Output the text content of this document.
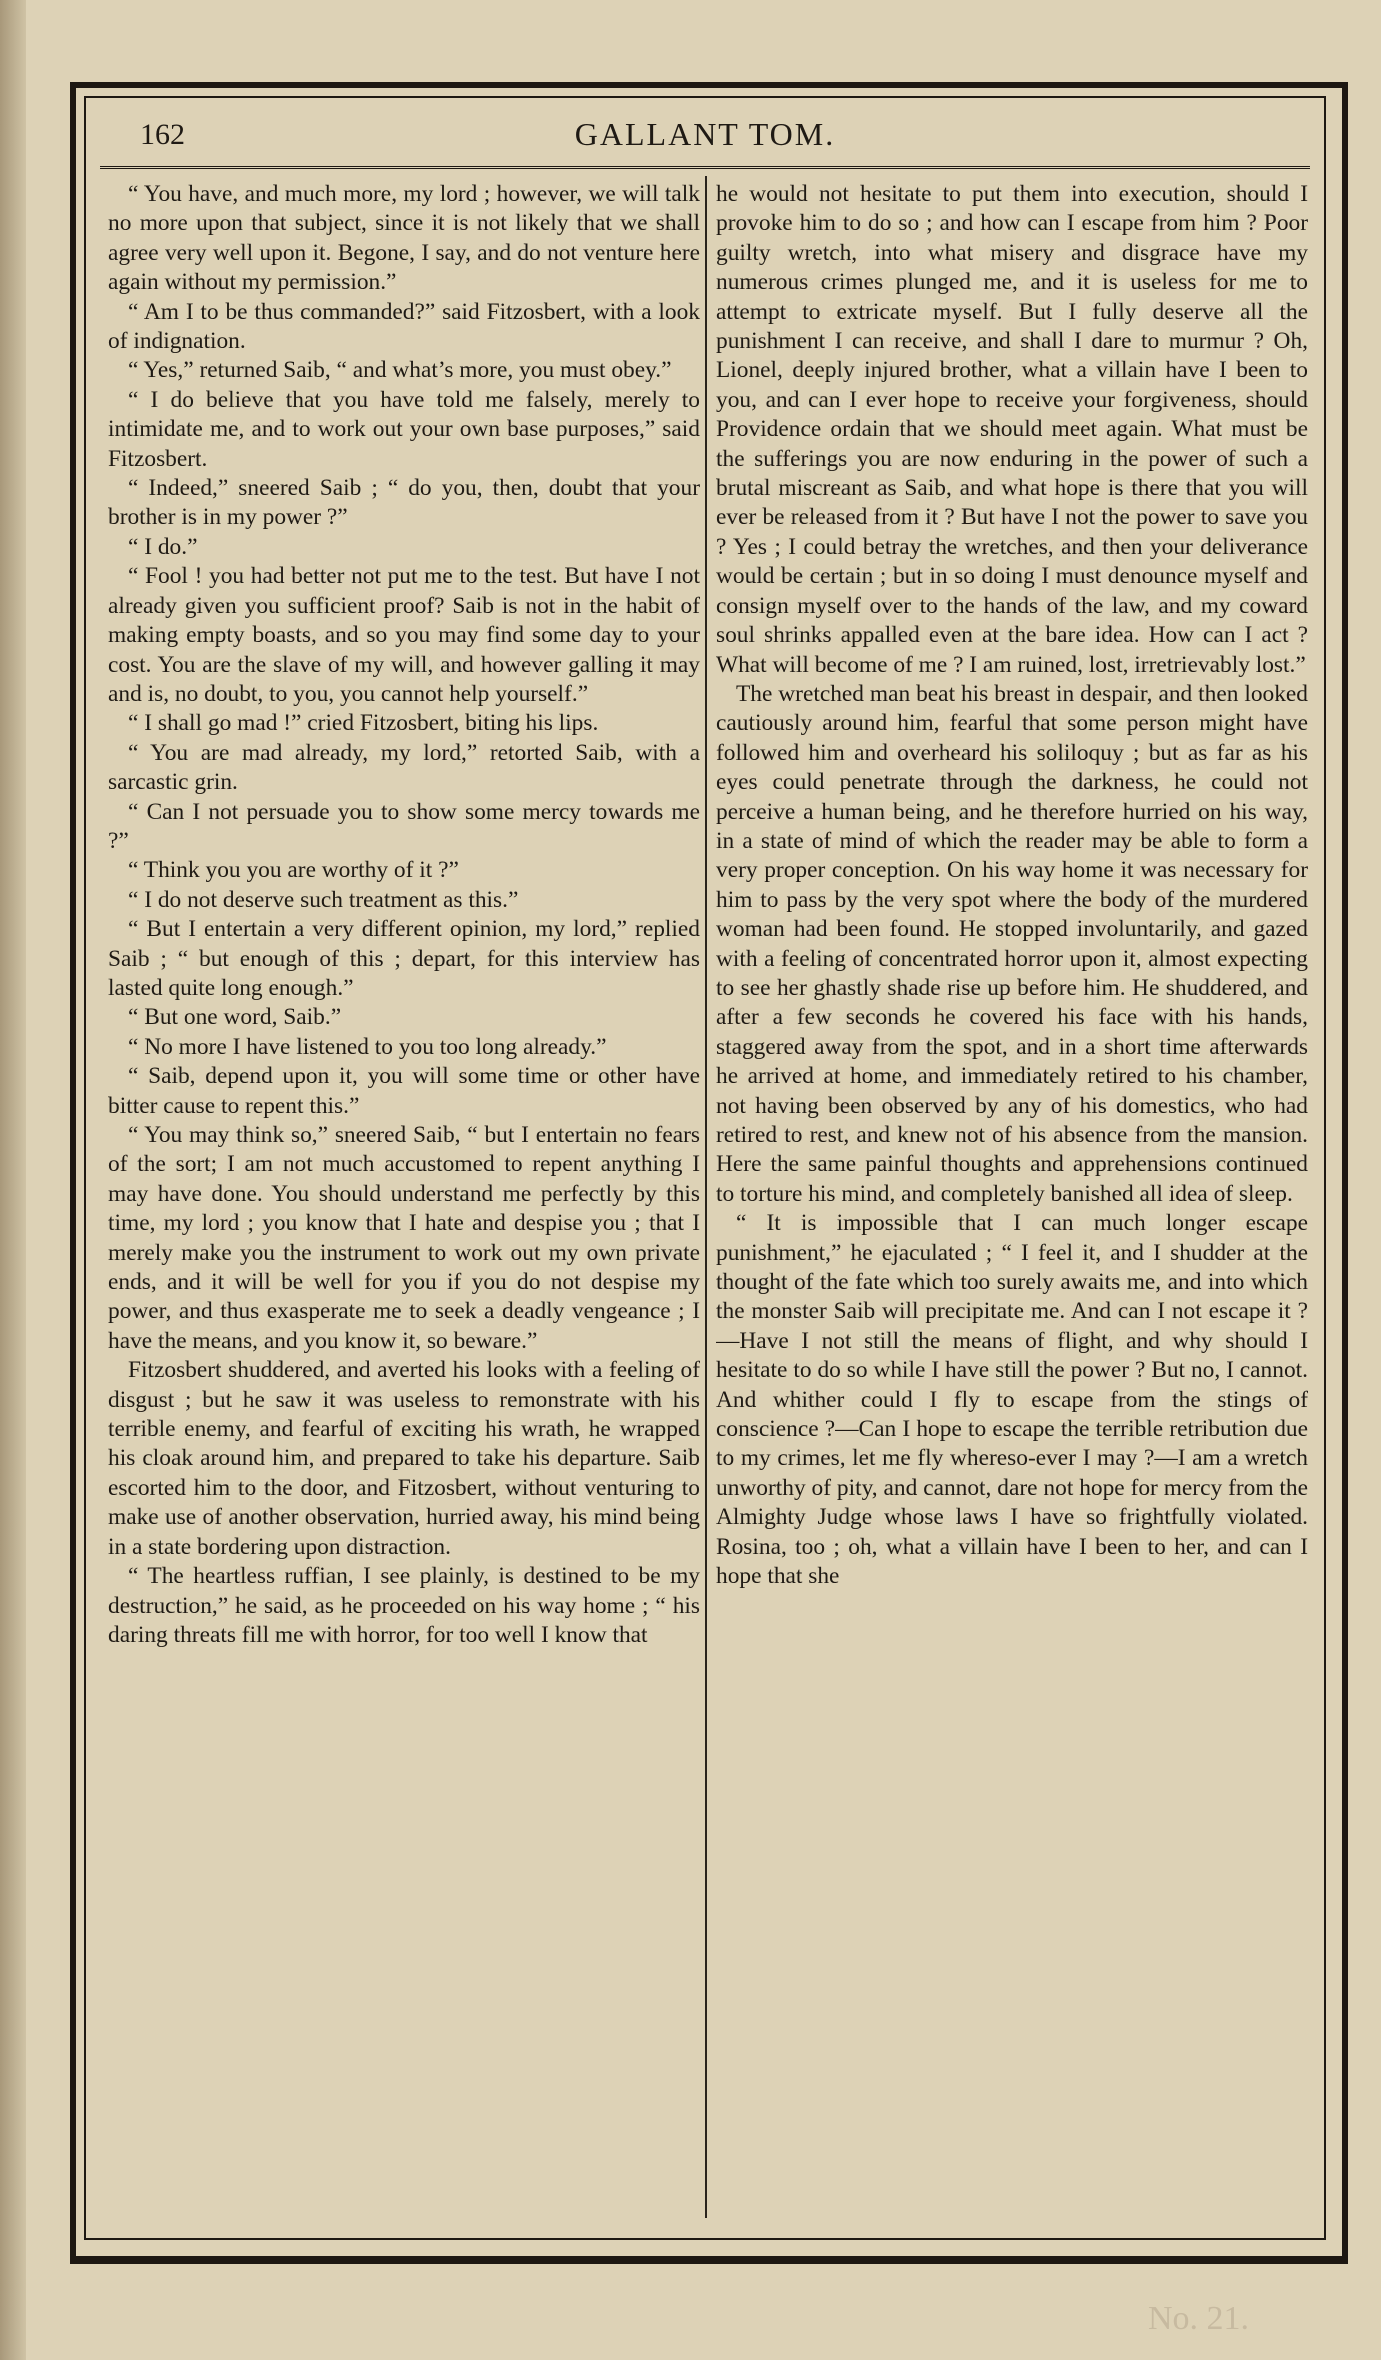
162	GALLANT TOM.

“ You have, and much more, my lord ; however, we will talk no more upon that subject, since it is not likely that we shall agree very well upon it. Begone, I say, and do not venture here again without my permission.”

“ Am I to be thus commanded?” said Fitzosbert, with a look of indignation.

“ Yes,” returned Saib, “ and what’s more, you must obey.”

“ I do believe that you have told me falsely, merely to intimidate me, and to work out your own base purposes,” said Fitzosbert.

“ Indeed,” sneered Saib ; “ do you, then, doubt that your brother is in my power ?”

“ I do.”

“ Fool ! you had better not put me to the test. But have I not already given you sufficient proof? Saib is not in the habit of making empty boasts, and so you may find some day to your cost. You are the slave of my will, and however galling it may and is, no doubt, to you, you cannot help yourself.”

“ I shall go mad !” cried Fitzosbert, biting his lips.

“ You are mad already, my lord,” retorted Saib, with a sarcastic grin.

“ Can I not persuade you to show some mercy towards me ?”

“ Think you you are worthy of it ?”

“ I do not deserve such treatment as this.”

“ But I entertain a very different opinion, my lord,” replied Saib ; “ but enough of this ; depart, for this interview has lasted quite long enough.”

“ But one word, Saib.”

“ No more I have listened to you too long already.”

“ Saib, depend upon it, you will some time or other have bitter cause to repent this.”

“ You may think so,” sneered Saib, “ but I entertain no fears of the sort; I am not much accustomed to repent anything I may have done. You should understand me perfectly by this time, my lord ; you know that I hate and despise you ; that I merely make you the instrument to work out my own private ends, and it will be well for you if you do not despise my power, and thus exasperate me to seek a deadly vengeance ; I have the means, and you know it, so beware.”

Fitzosbert shuddered, and averted his looks with a feeling of disgust ; but he saw it was useless to remonstrate with his terrible enemy, and fearful of exciting his wrath, he wrapped his cloak around him, and prepared to take his departure. Saib escorted him to the door, and Fitzosbert, without venturing to make use of another observation, hurried away, his mind being in a state bordering upon distraction.

“ The heartless ruffian, I see plainly, is destined to be my destruction,” he said, as he proceeded on his way home ; “ his daring threats fill me with horror, for too well I know that

he would not hesitate to put them into execution, should I provoke him to do so ; and how can I escape from him ? Poor guilty wretch, into what misery and disgrace have my numerous crimes plunged me, and it is useless for me to attempt to extricate myself. But I fully deserve all the punishment I can receive, and shall I dare to murmur ? Oh, Lionel, deeply injured brother, what a villain have I been to you, and can I ever hope to receive your forgiveness, should Providence ordain that we should meet again. What must be the sufferings you are now enduring in the power of such a brutal miscreant as Saib, and what hope is there that you will ever be released from it ? But have I not the power to save you ? Yes ; I could betray the wretches, and then your deliverance would be certain ; but in so doing I must denounce myself and consign myself over to the hands of the law, and my coward soul shrinks appalled even at the bare idea. How can I act ? What will become of me ? I am ruined, lost, irretrievably lost.”

The wretched man beat his breast in despair, and then looked cautiously around him, fearful that some person might have followed him and overheard his soliloquy ; but as far as his eyes could penetrate through the darkness, he could not perceive a human being, and he therefore hurried on his way, in a state of mind of which the reader may be able to form a very proper conception. On his way home it was necessary for him to pass by the very spot where the body of the murdered woman had been found. He stopped involuntarily, and gazed with a feeling of concentrated horror upon it, almost expecting to see her ghastly shade rise up before him. He shuddered, and after a few seconds he covered his face with his hands, staggered away from the spot, and in a short time afterwards he arrived at home, and immediately retired to his chamber, not having been observed by any of his domestics, who had retired to rest, and knew not of his absence from the mansion. Here the same painful thoughts and apprehensions continued to torture his mind, and completely banished all idea of sleep.

“ It is impossible that I can much longer escape punishment,” he ejaculated ; “ I feel it, and I shudder at the thought of the fate which too surely awaits me, and into which the monster Saib will precipitate me. And can I not escape it ?—Have I not still the means of flight, and why should I hesitate to do so while I have still the power ? But no, I cannot. And whither could I fly to escape from the stings of conscience ?—Can I hope to escape the terrible retribution due to my crimes, let me fly whereso-ever I may ?—I am a wretch unworthy of pity, and cannot, dare not hope for mercy from the Almighty Judge whose laws I have so frightfully violated. Rosina, too ; oh, what a villain have I been to her, and can I hope that she

No. 21.
